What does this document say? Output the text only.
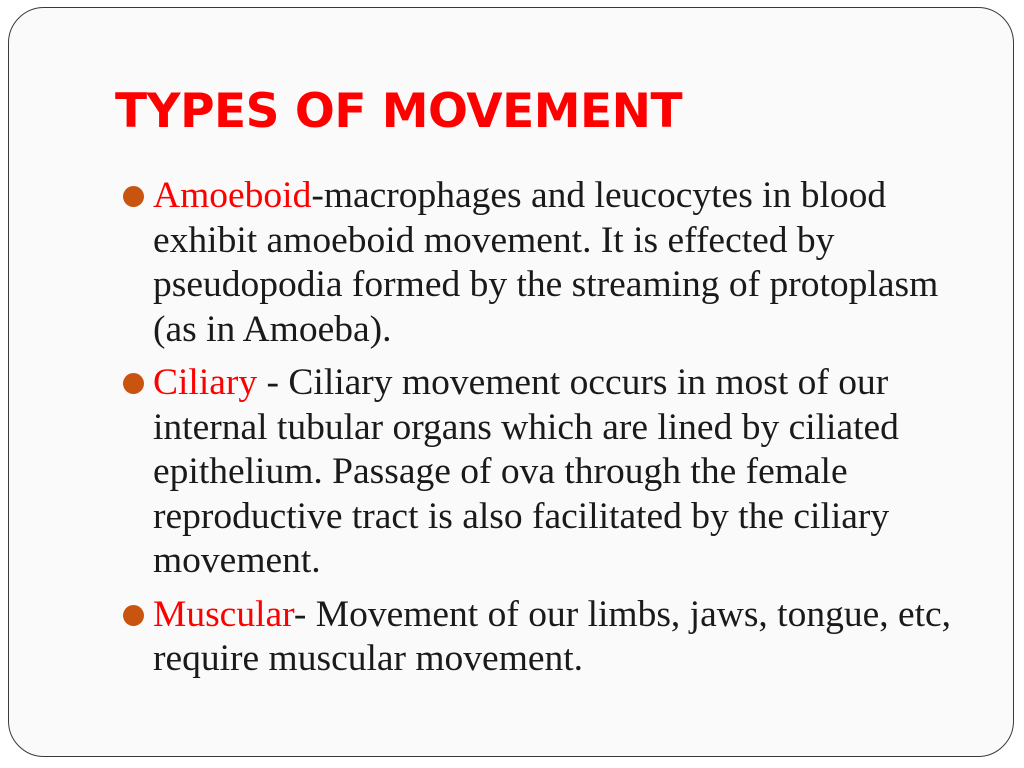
TYPES OF MOVEMENT
Amoeboid-macrophages and leucocytes in blood exhibit amoeboid movement. It is effected by pseudopodia formed by the streaming of protoplasm (as in Amoeba).
Ciliary - Ciliary movement occurs in most of our internal tubular organs which are lined by ciliated epithelium. Passage of ova through the female reproductive tract is also facilitated by the ciliary movement.
Muscular- Movement of our limbs, jaws, tongue, etc, require muscular movement.
